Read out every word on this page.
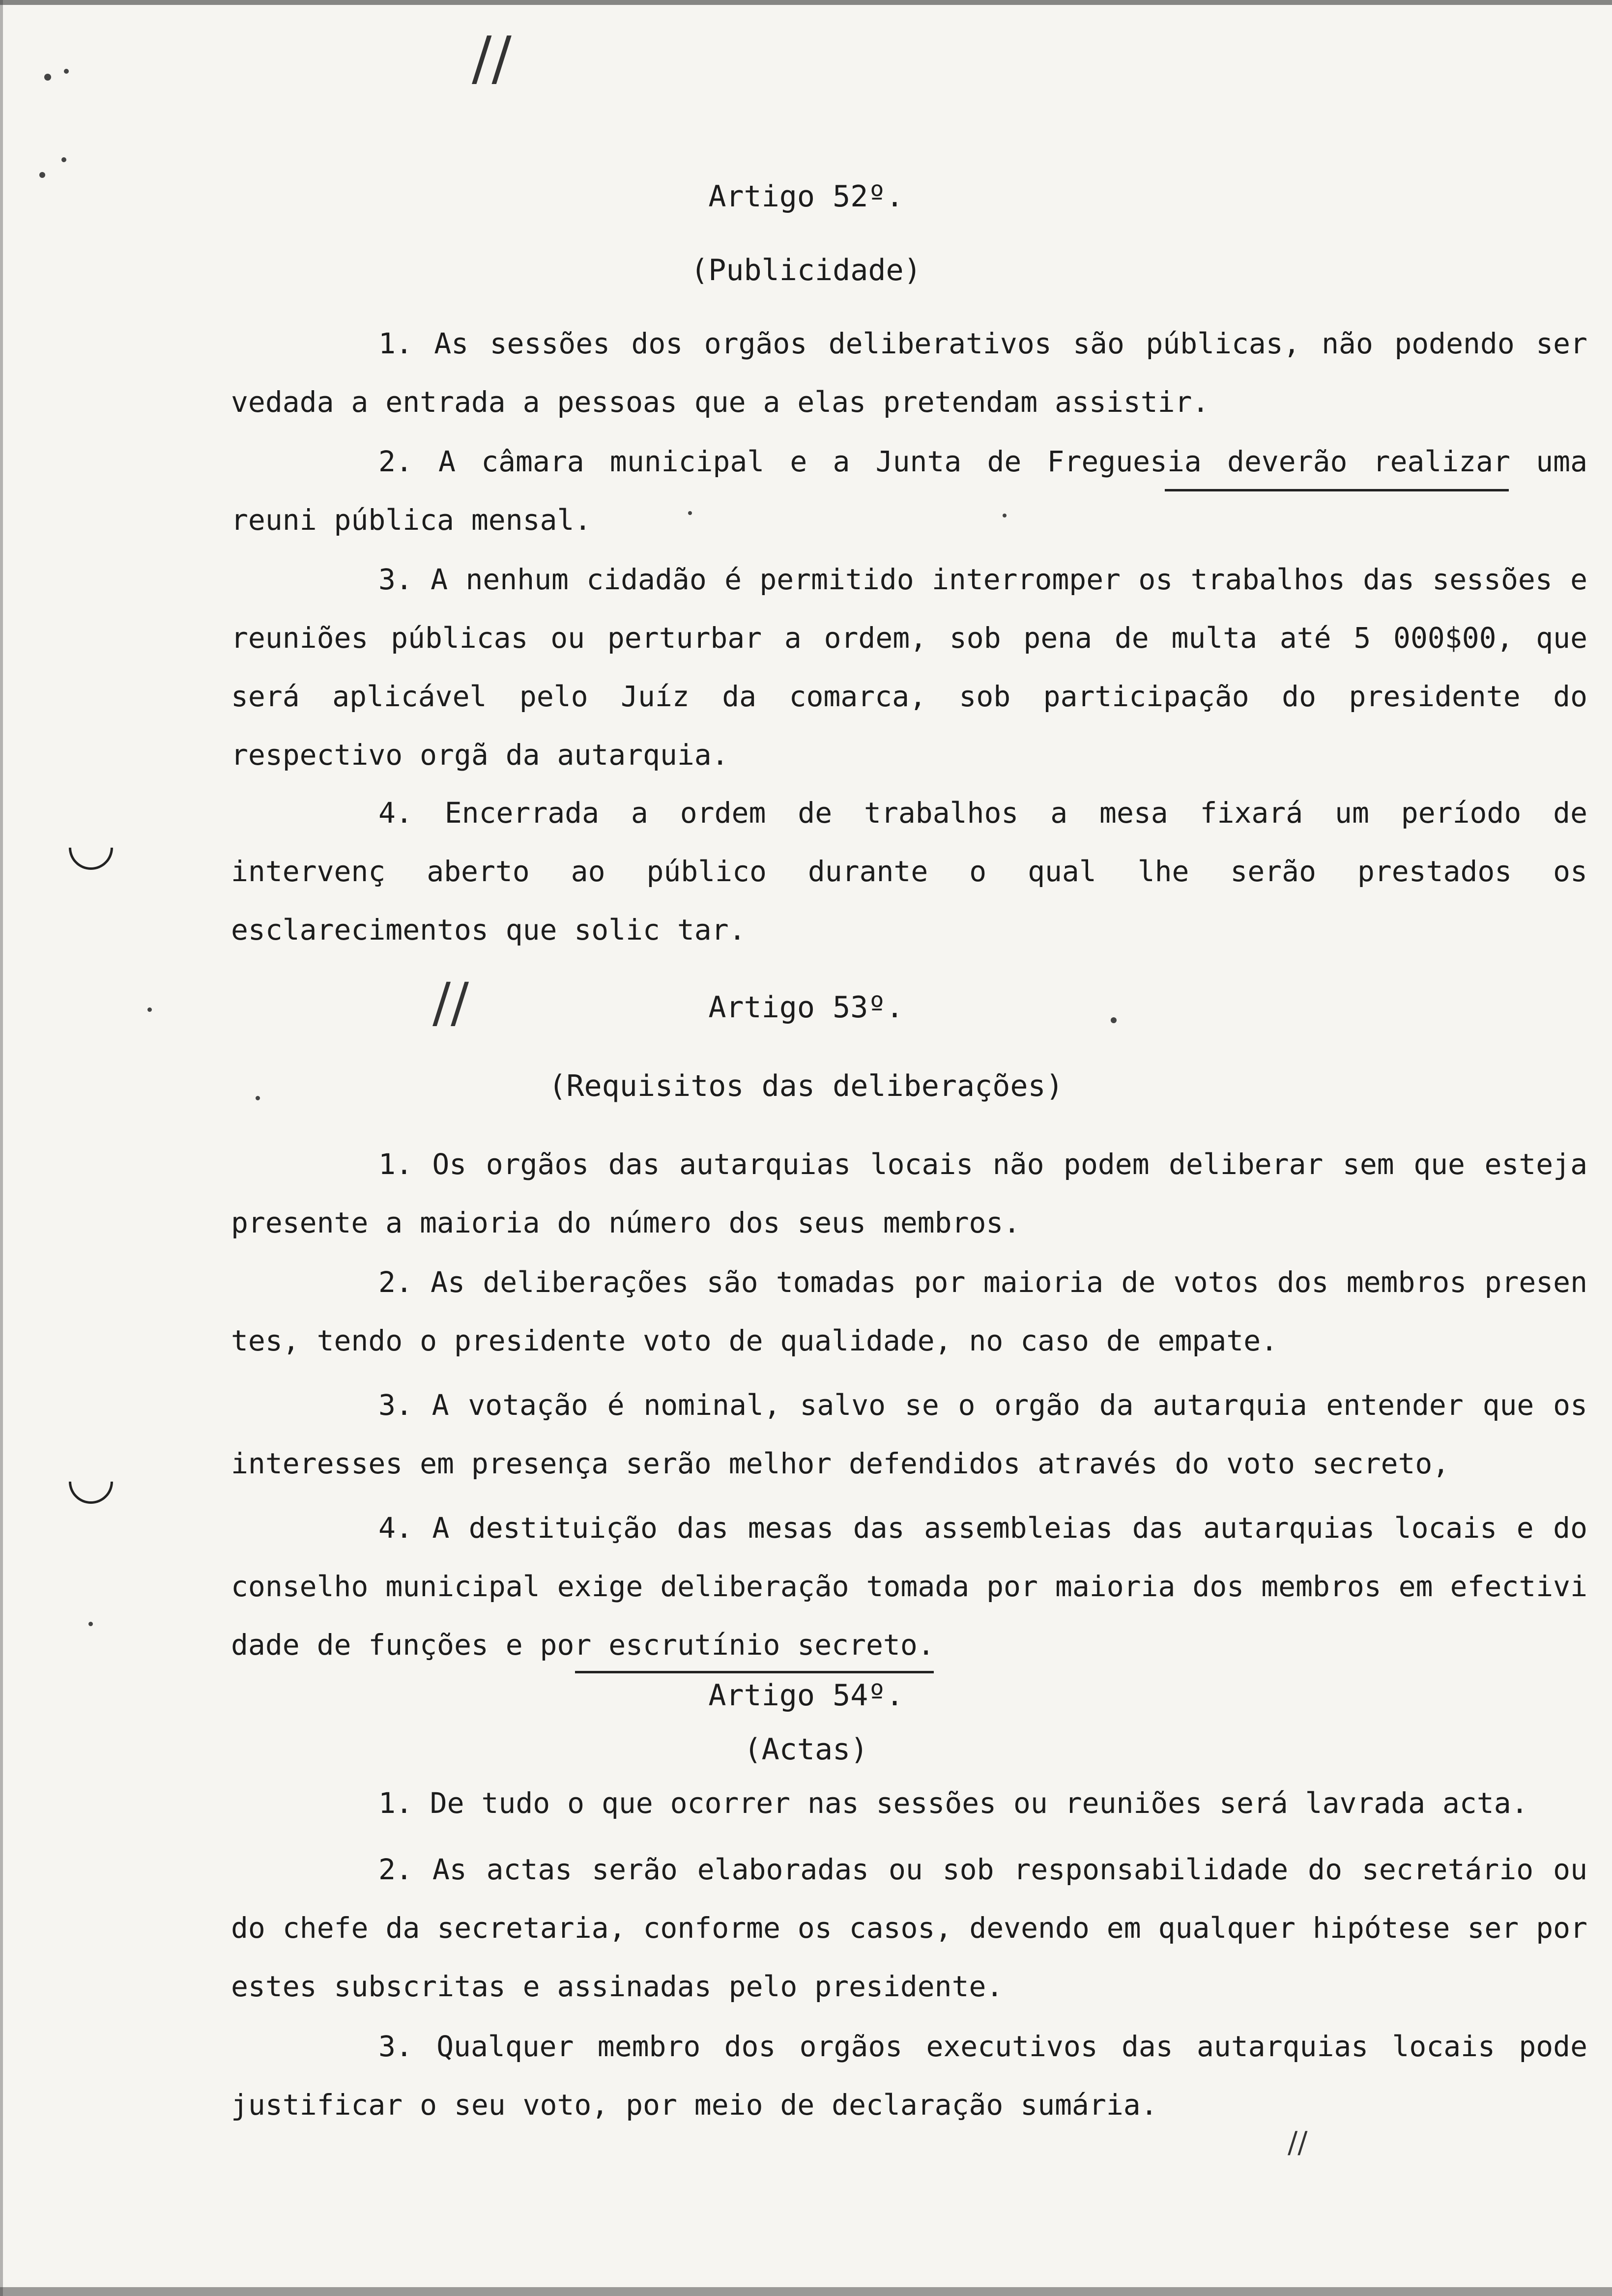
//
//
//
Artigo 52º.
(Publicidade)
1. As sessões dos orgãos deliberativos são públicas, não podendo ser vedada a entrada a pessoas que a elas pretendam assistir.
2. A câmara municipal e a Junta de Freguesia deverão realizar uma reuni pública mensal.
3. A nenhum cidadão é permitido interromper os trabalhos das sessões e reuniões públicas ou perturbar a ordem, sob pena de multa até 5 000$00, que será aplicável pelo Juíz da comarca, sob participação do presidente do respectivo orgã da autarquia.
4. Encerrada a ordem de trabalhos a mesa fixará um período de intervenç aberto ao público durante o qual lhe serão prestados os esclarecimentos que solic tar.
Artigo 53º.
(Requisitos das deliberações)
1. Os orgãos das autarquias locais não podem deliberar sem que esteja presente a maioria do número dos seus membros.
2. As deliberações são tomadas por maioria de votos dos membros presen tes, tendo o presidente voto de qualidade, no caso de empate.
3. A votação é nominal, salvo se o orgão da autarquia entender que os interesses em presença serão melhor defendidos através do voto secreto,
4. A destituição das mesas das assembleias das autarquias locais e do conselho municipal exige deliberação tomada por maioria dos membros em efectivi dade de funções e por escrutínio secreto.
Artigo 54º.
(Actas)
1. De tudo o que ocorrer nas sessões ou reuniões será lavrada acta.
2. As actas serão elaboradas ou sob responsabilidade do secretário ou do chefe da secretaria, conforme os casos, devendo em qualquer hipótese ser por estes subscritas e assinadas pelo presidente.
3. Qualquer membro dos orgãos executivos das autarquias locais pode justificar o seu voto, por meio de declaração sumária.
